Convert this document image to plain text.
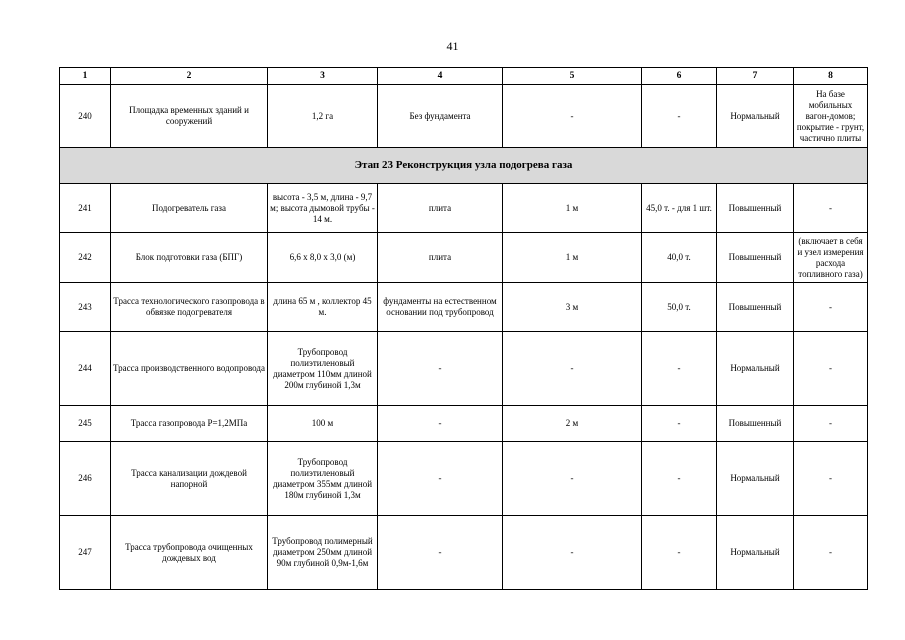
41
1	2	3	4	5	6	7	8
240	Площадка временных зданий и сооружений	1,2 га	Без фундамента	-	-	Нормальный	На базе мобильных вагон-домов; покрытие - грунт, частично плиты
Этап 23 Реконструкция узла подогрева газа							
241	Подогреватель газа	высота - 3,5 м, длина - 9,7 м; высота дымовой трубы - 14 м.	плита	1 м	45,0 т. - для 1 шт.	Повышенный	-
242	Блок подготовки газа (БПГ)	6,6 х 8,0 х 3,0 (м)	плита	1 м	40,0 т.	Повышенный	(включает в себя и узел измерения расхода топливного газа)
243	Трасса технологического газопровода в обвязке подогревателя	длина 65 м , коллектор 45 м.	фундаменты на естественном основании под трубопровод	3 м	50,0 т.	Повышенный	-
244	Трасса производственного водопровода	Трубопровод полиэтиленовый диаметром 110мм длиной 200м глубиной 1,3м	-	-	-	Нормальный	-
245	Трасса газопровода Р=1,2МПа	100 м	-	2 м	-	Повышенный	-
246	Трасса канализации дождевой напорной	Трубопровод полиэтиленовый диаметром 355мм длиной 180м глубиной 1,3м	-	-	-	Нормальный	-
247	Трасса трубопровода очищенных дождевых вод	Трубопровод полимерный диаметром 250мм длиной 90м глубиной 0,9м-1,6м	-	-	-	Нормальный	-
